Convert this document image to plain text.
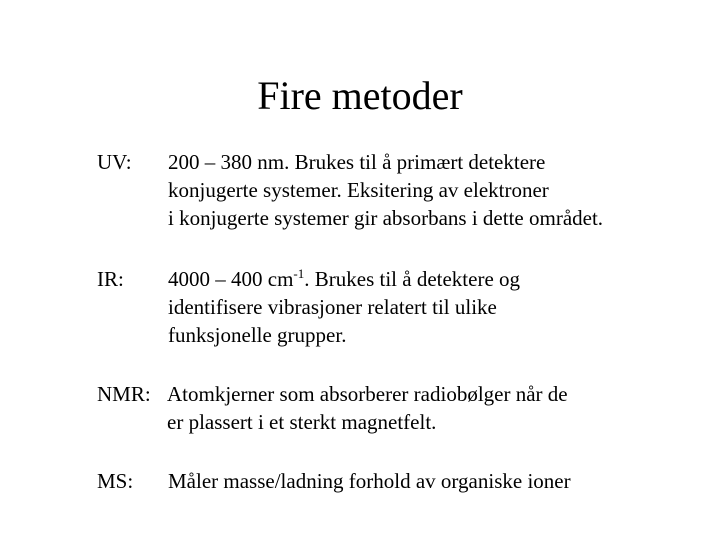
Fire metoder
UV: 200 – 380 nm. Brukes til å primært detektere
konjugerte systemer. Eksitering av elektroner
i konjugerte systemer gir absorbans i dette området.
IR: 4000 – 400 $cm^{-1}$. Brukes til å detektere og
identifisere vibrasjoner relatert til ulike
funksjonelle grupper.
NMR: Atomkjerner som absorberer radiobølger når de
er plassert i et sterkt magnetfelt.
MS: Måler masse/ladning forhold av organiske ioner
